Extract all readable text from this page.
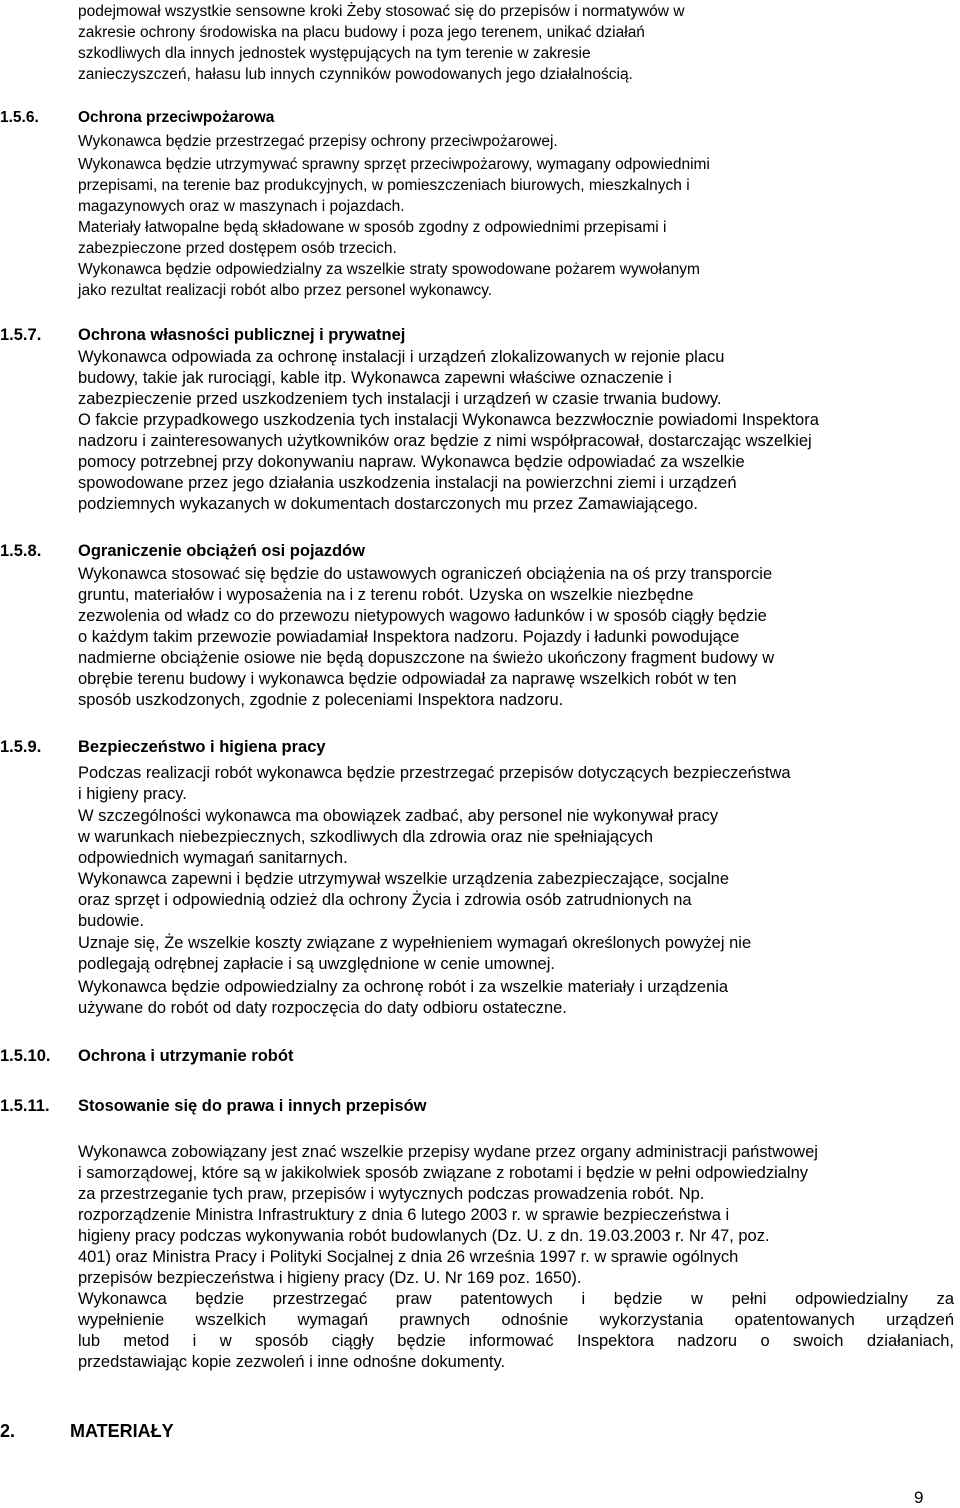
podejmował wszystkie sensowne kroki Żeby stosować się do przepisów i normatywów w

zakresie ochrony środowiska na placu budowy i poza jego terenem, unikać działań

szkodliwych dla innych jednostek występujących na tym terenie w zakresie

zanieczyszczeń, hałasu lub innych czynników powodowanych jego działalnością.

1.5.6.	Ochrona przeciwpożarowa

Wykonawca będzie przestrzegać przepisy ochrony przeciwpożarowej.

Wykonawca będzie utrzymywać sprawny sprzęt przeciwpożarowy, wymagany odpowiednimi

przepisami, na terenie baz produkcyjnych, w pomieszczeniach biurowych, mieszkalnych i

magazynowych oraz w maszynach i pojazdach.

Materiały łatwopalne będą składowane w sposób zgodny z odpowiednimi przepisami i

zabezpieczone przed dostępem osób trzecich.

Wykonawca będzie odpowiedzialny za wszelkie straty spowodowane pożarem wywołanym

jako rezultat realizacji robót albo przez personel wykonawcy.

1.5.7. Ochrona własności publicznej i prywatnej

Wykonawca odpowiada za ochronę instalacji i urządzeń zlokalizowanych w rejonie placu

budowy, takie jak rurociągi, kable itp. Wykonawca zapewni właściwe oznaczenie i

zabezpieczenie przed uszkodzeniem tych instalacji i urządzeń w czasie trwania budowy.

O fakcie przypadkowego uszkodzenia tych instalacji Wykonawca bezzwłocznie powiadomi Inspektora

nadzoru i zainteresowanych użytkowników oraz będzie z nimi współpracował, dostarczając wszelkiej

pomocy potrzebnej przy dokonywaniu napraw. Wykonawca będzie odpowiadać za wszelkie

spowodowane przez jego działania uszkodzenia instalacji na powierzchni ziemi i urządzeń

podziemnych wykazanych w dokumentach dostarczonych mu przez Zamawiającego.

1.5.8. Ograniczenie obciążeń osi pojazdów

Wykonawca stosować się będzie do ustawowych ograniczeń obciążenia na oś przy transporcie

gruntu, materiałów i wyposażenia na i z terenu robót. Uzyska on wszelkie niezbędne

zezwolenia od władz co do przewozu nietypowych wagowo ładunków i w sposób ciągły będzie

o każdym takim przewozie powiadamiał Inspektora nadzoru. Pojazdy i ładunki powodujące

nadmierne obciążenie osiowe nie będą dopuszczone na świeżo ukończony fragment budowy w

obrębie terenu budowy i wykonawca będzie odpowiadał za naprawę wszelkich robót w ten

sposób uszkodzonych, zgodnie z poleceniami Inspektora nadzoru.

1.5.9. Bezpieczeństwo i higiena pracy

Podczas realizacji robót wykonawca będzie przestrzegać przepisów dotyczących bezpieczeństwa

i higieny pracy.

W szczególności wykonawca ma obowiązek zadbać, aby personel nie wykonywał pracy

w warunkach niebezpiecznych, szkodliwych dla zdrowia oraz nie spełniających

odpowiednich wymagań sanitarnych.

Wykonawca zapewni i będzie utrzymywał wszelkie urządzenia zabezpieczające, socjalne

oraz sprzęt i odpowiednią odzież dla ochrony Życia i zdrowia osób zatrudnionych na

budowie.

Uznaje się, Że wszelkie koszty związane z wypełnieniem wymagań określonych powyżej nie

podlegają odrębnej zapłacie i są uwzględnione w cenie umownej.

Wykonawca będzie odpowiedzialny za ochronę robót i za wszelkie materiały i urządzenia

używane do robót od daty rozpoczęcia do daty odbioru ostateczne.

1.5.10. Ochrona i utrzymanie robót

1.5.11. Stosowanie się do prawa i innych przepisów

Wykonawca zobowiązany jest znać wszelkie przepisy wydane przez organy administracji państwowej

i samorządowej, które są w jakikolwiek sposób związane z robotami i będzie w pełni odpowiedzialny

za przestrzeganie tych praw, przepisów i wytycznych podczas prowadzenia robót. Np.

rozporządzenie Ministra Infrastruktury z dnia 6 lutego 2003 r. w sprawie bezpieczeństwa i

higieny pracy podczas wykonywania robót budowlanych (Dz. U. z dn. 19.03.2003 r. Nr 47, poz.

401) oraz Ministra Pracy i Polityki Socjalnej z dnia 26 września 1997 r. w sprawie ogólnych

przepisów bezpieczeństwa i higieny pracy (Dz. U. Nr 169 poz. 1650).

Wykonawca będzie przestrzegać praw patentowych i będzie w pełni odpowiedzialny za

wypełnienie wszelkich wymagań prawnych odnośnie wykorzystania opatentowanych urządzeń

lub metod i w sposób ciągły będzie informować Inspektora nadzoru o swoich działaniach,

przedstawiając kopie zezwoleń i inne odnośne dokumenty.

2.	MATERIAŁY

9
